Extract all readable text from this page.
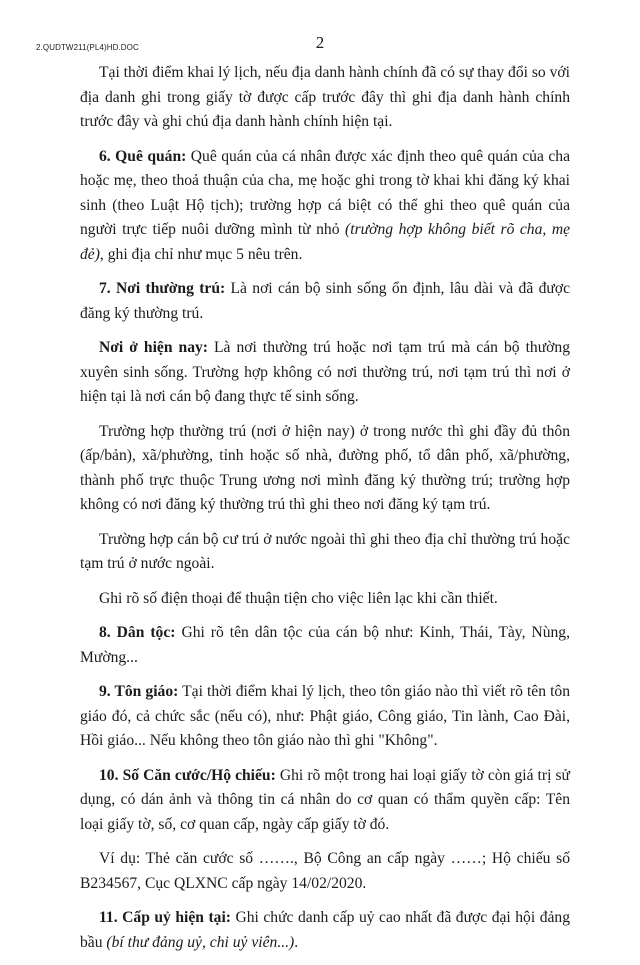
2.QUDTW211(PL4)HD.DOC	2

Tại thời điểm khai lý lịch, nếu địa danh hành chính đã có sự thay đổi so với địa danh ghi trong giấy tờ được cấp trước đây thì ghi địa danh hành chính trước đây và ghi chú địa danh hành chính hiện tại.

6. Quê quán: Quê quán của cá nhân được xác định theo quê quán của cha hoặc mẹ, theo thoả thuận của cha, mẹ hoặc ghi trong tờ khai khi đăng ký khai sinh (theo Luật Hộ tịch); trường hợp cá biệt có thể ghi theo quê quán của người trực tiếp nuôi dưỡng mình từ nhỏ (trường hợp không biết rõ cha, mẹ đẻ), ghi địa chỉ như mục 5 nêu trên.

7. Nơi thường trú: Là nơi cán bộ sinh sống ổn định, lâu dài và đã được đăng ký thường trú.

Nơi ở hiện nay: Là nơi thường trú hoặc nơi tạm trú mà cán bộ thường xuyên sinh sống. Trường hợp không có nơi thường trú, nơi tạm trú thì nơi ở hiện tại là nơi cán bộ đang thực tế sinh sống.

Trường hợp thường trú (nơi ở hiện nay) ở trong nước thì ghi đầy đủ thôn (ấp/bản), xã/phường, tỉnh hoặc số nhà, đường phố, tổ dân phố, xã/phường, thành phố trực thuộc Trung ương nơi mình đăng ký thường trú; trường hợp không có nơi đăng ký thường trú thì ghi theo nơi đăng ký tạm trú.

Trường hợp cán bộ cư trú ở nước ngoài thì ghi theo địa chỉ thường trú hoặc tạm trú ở nước ngoài.

Ghi rõ số điện thoại để thuận tiện cho việc liên lạc khi cần thiết.

8. Dân tộc: Ghi rõ tên dân tộc của cán bộ như: Kinh, Thái, Tày, Nùng, Mường...

9. Tôn giáo: Tại thời điểm khai lý lịch, theo tôn giáo nào thì viết rõ tên tôn giáo đó, cả chức sắc (nếu có), như: Phật giáo, Công giáo, Tin lành, Cao Đài, Hồi giáo... Nếu không theo tôn giáo nào thì ghi "Không".

10. Số Căn cước/Hộ chiếu: Ghi rõ một trong hai loại giấy tờ còn giá trị sử dụng, có dán ảnh và thông tin cá nhân do cơ quan có thẩm quyền cấp: Tên loại giấy tờ, số, cơ quan cấp, ngày cấp giấy tờ đó.

Ví dụ: Thẻ căn cước số ……., Bộ Công an cấp ngày ……; Hộ chiếu số B234567, Cục QLXNC cấp ngày 14/02/2020.

11. Cấp uỷ hiện tại: Ghi chức danh cấp uỷ cao nhất đã được đại hội đảng bầu (bí thư đảng uỷ, chi uỷ viên...).
